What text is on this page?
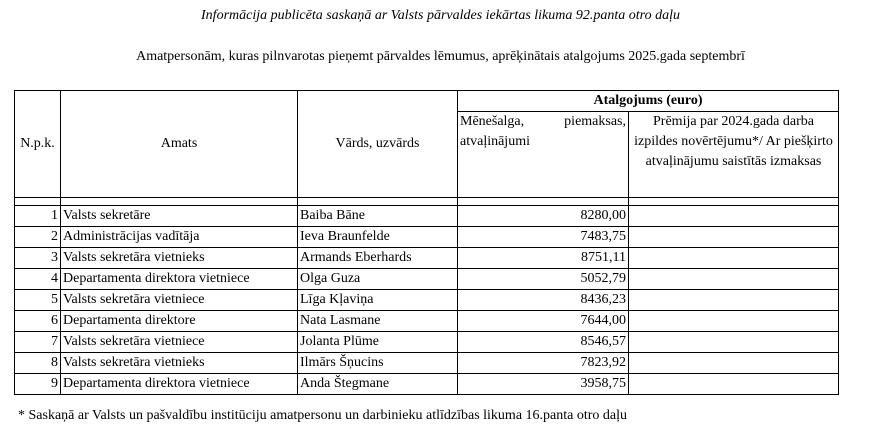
Informācija publicēta saskaņā ar Valsts pārvaldes iekārtas likuma 92.panta otro daļu
Amatpersonām, kuras pilnvarotas pieņemt pārvaldes lēmumus, aprēķinātais atalgojums 2025.gada septembrī
N.p.k.	Amats	Vārds, uzvārds	Atalgojums (euro)	
			Mēnešalga, piemaksas, atvaļinājumi	Prēmija par 2024.gada darba izpildes novērtējumu*/ Ar piešķirto atvaļinājumu saistītās izmaksas

1	Valsts sekretāre	Baiba Bāne	8280,00	
2	Administrācijas vadītāja	Ieva Braunfelde	7483,75	
3	Valsts sekretāra vietnieks	Armands Eberhards	8751,11	
4	Departamenta direktora vietniece	Olga Guza	5052,79	
5	Valsts sekretāra vietniece	Līga Kļaviņa	8436,23	
6	Departamenta direktore	Nata Lasmane	7644,00	
7	Valsts sekretāra vietniece	Jolanta Plūme	8546,57	
8	Valsts sekretāra vietnieks	Ilmārs Šņucins	7823,92	
9	Departamenta direktora vietniece	Anda Štegmane	3958,75	
* Saskaņā ar Valsts un pašvaldību institūciju amatpersonu un darbinieku atlīdzības likuma 16.panta otro daļu
